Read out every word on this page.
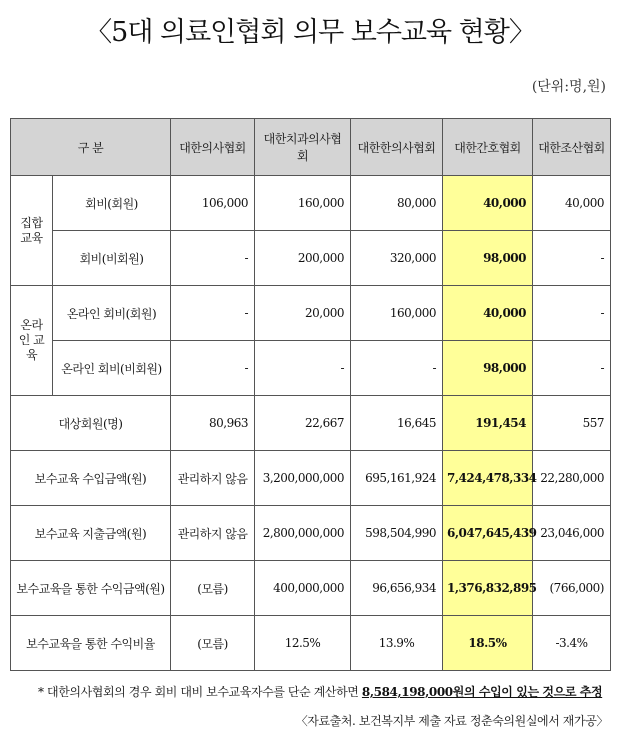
〈5대 의료인협회 의무 보수교육 현황〉
(단위:명,원)
구 분		대한의사협회	대한치과의사협회	대한한의사협회	대한간호협회	대한조산협회
집합 교육	회비(회원)	106,000	160,000	80,000	40,000	40,000
	회비(비회원)	-	200,000	320,000	98,000	-
온라인 교육	온라인 회비(회원)	-	20,000	160,000	40,000	-
	온라인 회비(비회원)	-	-	-	98,000	-
대상회원(명)		80,963	22,667	16,645	191,454	557
보수교육 수입금액(원)		관리하지 않음	3,200,000,000	695,161,924	7,424,478,334	22,280,000
보수교육 지출금액(원)		관리하지 않음	2,800,000,000	598,504,990	6,047,645,439	23,046,000
보수교육을 통한 수익금액(원)		(모름)	400,000,000	96,656,934	1,376,832,895	(766,000)
보수교육을 통한 수익비율		(모름)	12.5%	13.9%	18.5%	-3.4%
* 대한의사협회의 경우 회비 대비 보수교육자수를 단순 계산하면 8,584,198,000원의 수입이 있는 것으로 추정
〈자료출처. 보건복지부 제출 자료 정춘숙의원실에서 재가공〉
